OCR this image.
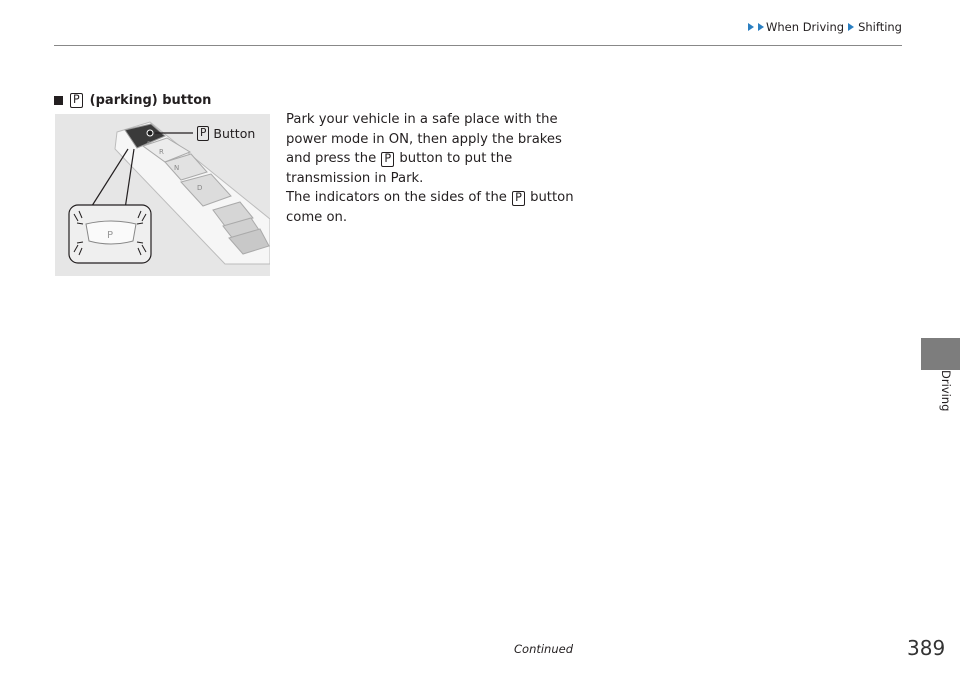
When Driving Shifting
P (parking) button
R
N
D
P
P Button

Park your vehicle in a safe place with the power mode in ON, then apply the brakes and press the P button to put the transmission in Park.

The indicators on the sides of the P button come on.

Driving
Continued	389
